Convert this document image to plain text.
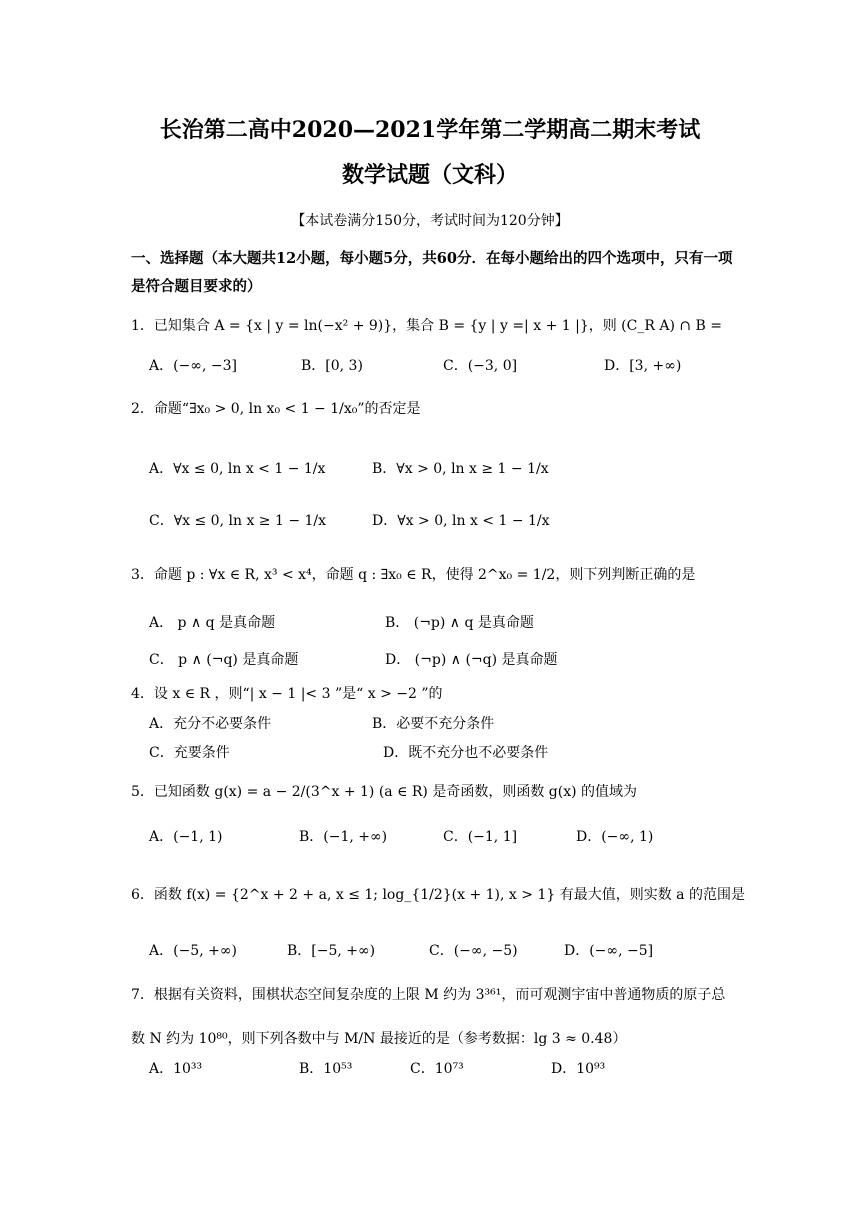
长治第二高中2020—2021学年第二学期高二期末考试
数学试题（文科）
【本试卷满分150分，考试时间为120分钟】
一、选择题（本大题共12小题，每小题5分，共60分．在每小题给出的四个选项中，只有一项是符合题目要求的）
1．已知集合 A = {x | y = ln(−x² + 9)}，集合 B = {y | y =| x + 1 |}，则 (C_R A) ∩ B =
A．(−∞, −3]	B．[0, 3)	C．(−3, 0]	D．[3, +∞)
2．命题“∃x₀ > 0, ln x₀ < 1 − 1/x₀”的否定是
A．∀x ≤ 0, ln x < 1 − 1/x	B．∀x > 0, ln x ≥ 1 − 1/x
C．∀x ≤ 0, ln x ≥ 1 − 1/x	D．∀x > 0, ln x < 1 − 1/x
3．命题 p : ∀x ∈ R, x³ < x⁴，命题 q : ∃x₀ ∈ R，使得 2^x₀ = 1/2，则下列判断正确的是
A． p ∧ q 是真命题	B． (¬p) ∧ q 是真命题
C． p ∧ (¬q) 是真命题	D． (¬p) ∧ (¬q) 是真命题
4．设 x ∈ R ，则“| x − 1 |< 3 ”是“ x > −2 ”的
A．充分不必要条件	B．必要不充分条件
C．充要条件	D．既不充分也不必要条件
5．已知函数 g(x) = a − 2/(3^x + 1) (a ∈ R) 是奇函数，则函数 g(x) 的值域为
A．(−1, 1)	B．(−1, +∞)	C．(−1, 1]	D．(−∞, 1)
6．函数 f(x) = {2^x + 2 + a, x ≤ 1; log_{1/2}(x + 1), x > 1} 有最大值，则实数 a 的范围是
A．(−5, +∞)	B．[−5, +∞)	C．(−∞, −5)	D．(−∞, −5]
7．根据有关资料，围棋状态空间复杂度的上限 M 约为 3³⁶¹，而可观测宇宙中普通物质的原子总数 N 约为 10⁸⁰，则下列各数中与 M/N 最接近的是（参考数据：lg 3 ≈ 0.48）
A．10³³	B．10⁵³	C．10⁷³	D．10⁹³
